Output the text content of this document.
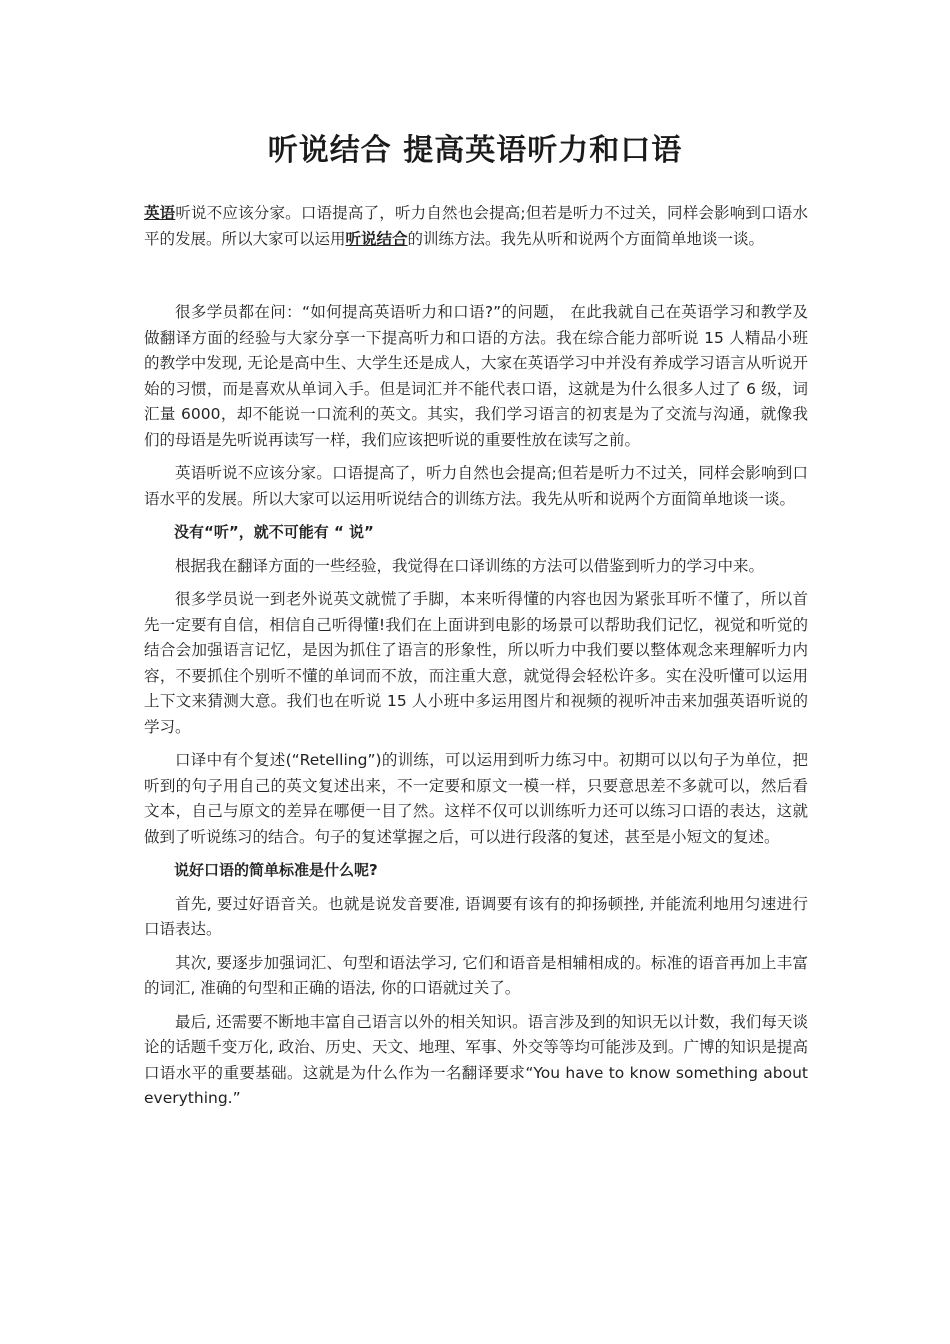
听说结合 提高英语听力和口语

英语听说不应该分家。口语提高了，听力自然也会提高;但若是听力不过关，同样会影响到口语水平的发展。所以大家可以运用听说结合的训练方法。我先从听和说两个方面简单地谈一谈。

很多学员都在问：“如何提高英语听力和口语?”的问题， 在此我就自己在英语学习和教学及做翻译方面的经验与大家分享一下提高听力和口语的方法。我在综合能力部听说 15 人精品小班的教学中发现, 无论是高中生、大学生还是成人，大家在英语学习中并没有养成学习语言从听说开始的习惯，而是喜欢从单词入手。但是词汇并不能代表口语，这就是为什么很多人过了 6 级，词汇量 6000，却不能说一口流利的英文。其实，我们学习语言的初衷是为了交流与沟通，就像我们的母语是先听说再读写一样，我们应该把听说的重要性放在读写之前。

英语听说不应该分家。口语提高了，听力自然也会提高;但若是听力不过关，同样会影响到口语水平的发展。所以大家可以运用听说结合的训练方法。我先从听和说两个方面简单地谈一谈。

没有“听”，就不可能有 “ 说”

根据我在翻译方面的一些经验，我觉得在口译训练的方法可以借鉴到听力的学习中来。

很多学员说一到老外说英文就慌了手脚，本来听得懂的内容也因为紧张耳听不懂了，所以首先一定要有自信，相信自己听得懂!我们在上面讲到电影的场景可以帮助我们记忆，视觉和听觉的结合会加强语言记忆，是因为抓住了语言的形象性，所以听力中我们要以整体观念来理解听力内容，不要抓住个别听不懂的单词而不放，而注重大意，就觉得会轻松许多。实在没听懂可以运用上下文来猜测大意。我们也在听说 15 人小班中多运用图片和视频的视听冲击来加强英语听说的学习。

口译中有个复述(“Retelling”)的训练，可以运用到听力练习中。初期可以以句子为单位，把听到的句子用自己的英文复述出来，不一定要和原文一模一样，只要意思差不多就可以，然后看文本，自己与原文的差异在哪便一目了然。这样不仅可以训练听力还可以练习口语的表达，这就做到了听说练习的结合。句子的复述掌握之后，可以进行段落的复述，甚至是小短文的复述。

说好口语的简单标准是什么呢?

首先, 要过好语音关。也就是说发音要准, 语调要有该有的抑扬顿挫, 并能流利地用匀速进行口语表达。

其次, 要逐步加强词汇、句型和语法学习, 它们和语音是相辅相成的。标准的语音再加上丰富的词汇, 准确的句型和正确的语法, 你的口语就过关了。

最后, 还需要不断地丰富自己语言以外的相关知识。语言涉及到的知识无以计数，我们每天谈论的话题千变万化, 政治、历史、天文、地理、军事、外交等等均可能涉及到。广博的知识是提高口语水平的重要基础。这就是为什么作为一名翻译要求“You have to know something about everything.”
